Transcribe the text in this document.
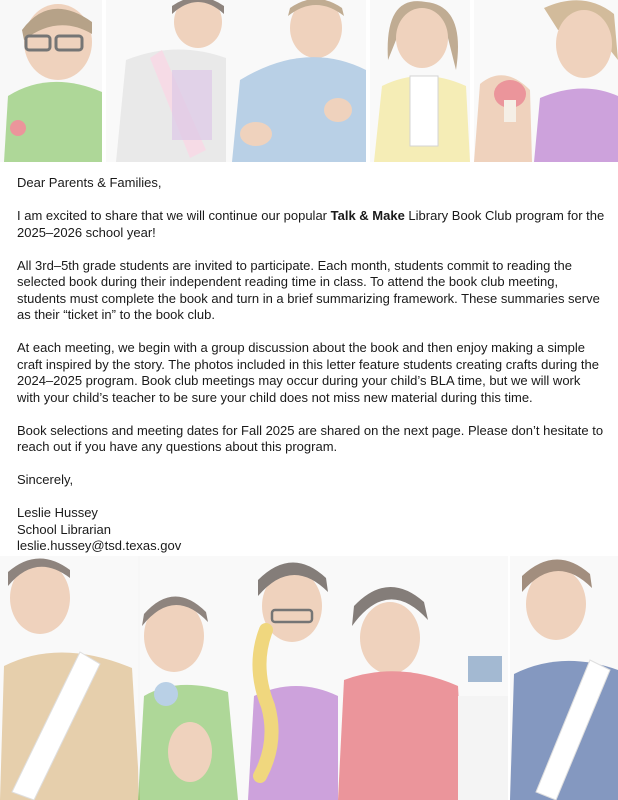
Dear Parents & Families,

I am excited to share that we will continue our popular Talk & Make Library Book Club program for the 2025–2026 school year!

All 3rd–5th grade students are invited to participate. Each month, students commit to reading the selected book during their independent reading time in class. To attend the book club meeting, students must complete the book and turn in a brief summarizing framework. These summaries serve as their “ticket in” to the book club.

At each meeting, we begin with a group discussion about the book and then enjoy making a simple craft inspired by the story. The photos included in this letter feature students creating crafts during the 2024–2025 program. Book club meetings may occur during your child’s BLA time, but we will work with your child’s teacher to be sure your child does not miss new material during this time.

Book selections and meeting dates for Fall 2025 are shared on the next page. Please don’t hesitate to reach out if you have any questions about this program.

Sincerely,

Leslie Hussey

School Librarian

leslie.hussey@tsd.texas.gov
